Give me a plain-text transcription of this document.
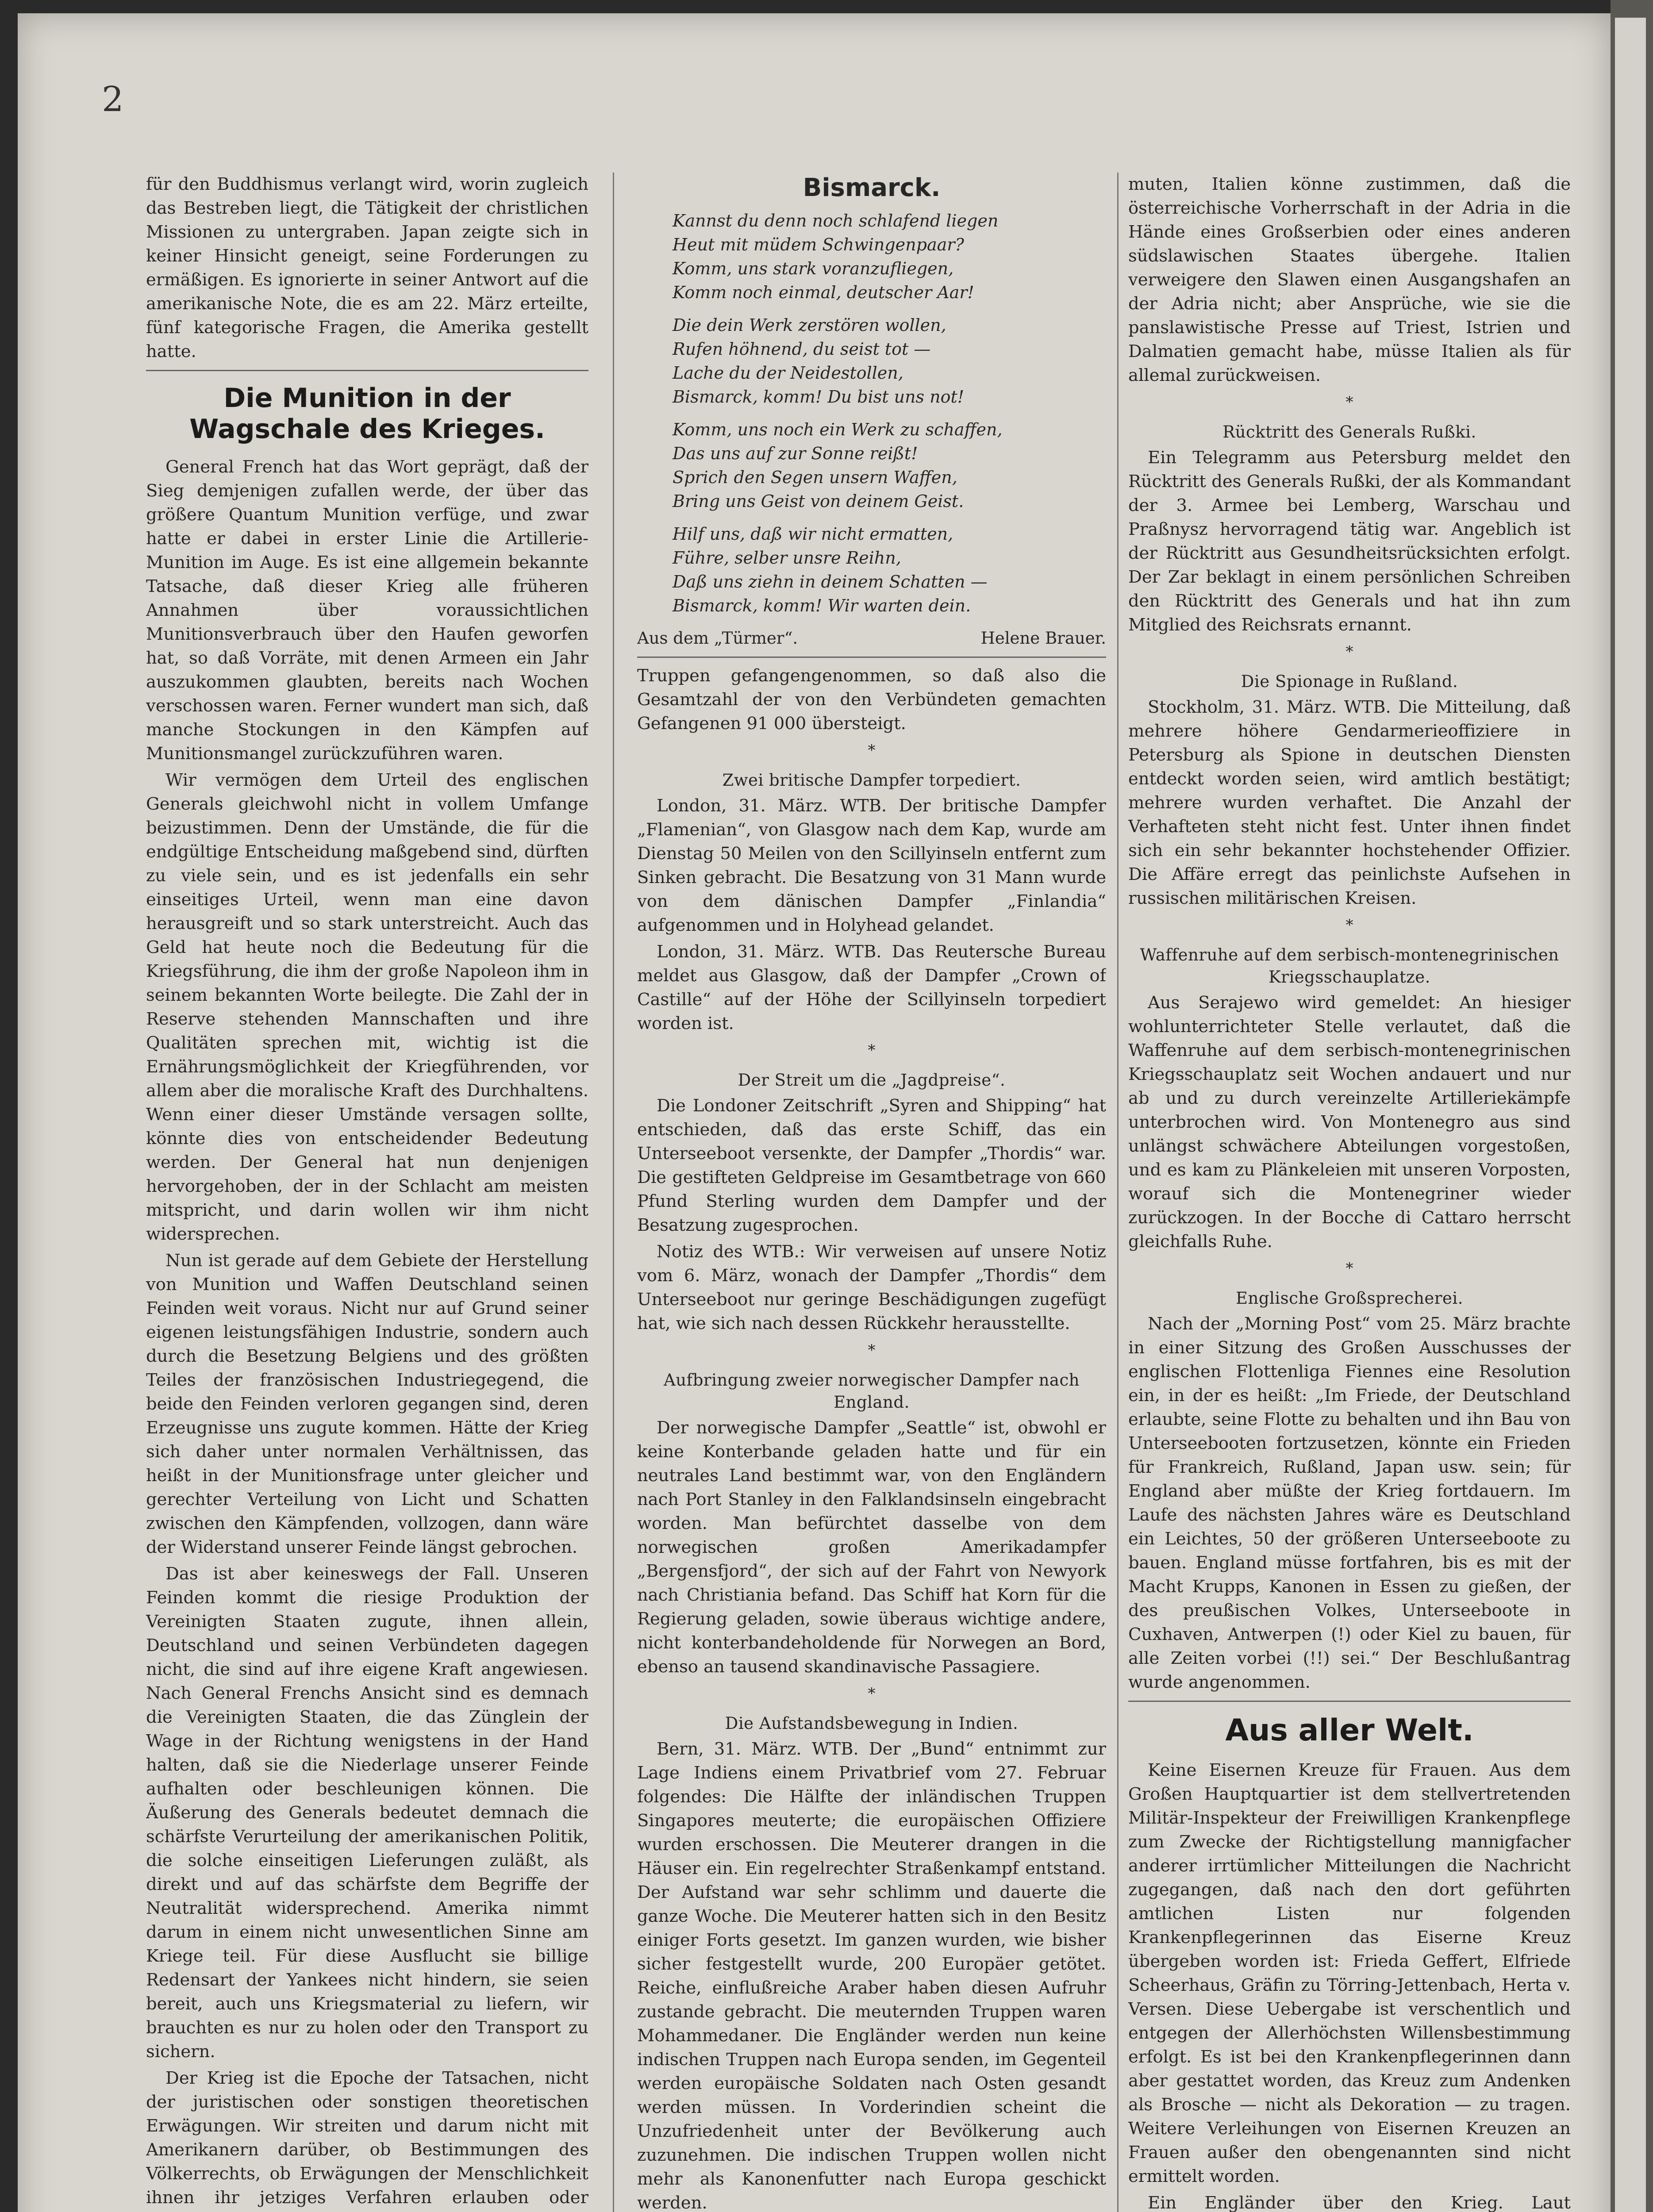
2

für den Buddhismus verlangt wird, worin zugleich das Bestreben liegt, die Tätigkeit der christlichen Missionen zu untergraben. Japan zeigte sich in keiner Hinsicht geneigt, seine Forderungen zu ermäßigen. Es ignorierte in seiner Antwort auf die amerikanische Note, die es am 22. März erteilte, fünf kategorische Fragen, die Amerika gestellt hatte.

Die Munition in der Wagschale des Krieges.

General French hat das Wort geprägt, daß der Sieg demjenigen zufallen werde, der über das größere Quantum Munition verfüge, und zwar hatte er dabei in erster Linie die Artillerie-Munition im Auge. Es ist eine allgemein bekannte Tatsache, daß dieser Krieg alle früheren Annahmen über voraussichtlichen Munitionsverbrauch über den Haufen geworfen hat, so daß Vorräte, mit denen Armeen ein Jahr auszukommen glaubten, bereits nach Wochen verschossen waren. Ferner wundert man sich, daß manche Stockungen in den Kämpfen auf Munitionsmangel zurückzuführen waren.

Wir vermögen dem Urteil des englischen Generals gleichwohl nicht in vollem Umfange beizustimmen. Denn der Umstände, die für die endgültige Entscheidung maßgebend sind, dürften zu viele sein, und es ist jedenfalls ein sehr einseitiges Urteil, wenn man eine davon herausgreift und so stark unterstreicht. Auch das Geld hat heute noch die Bedeutung für die Kriegsführung, die ihm der große Napoleon ihm in seinem bekannten Worte beilegte. Die Zahl der in Reserve stehenden Mannschaften und ihre Qualitäten sprechen mit, wichtig ist die Ernährungsmöglichkeit der Kriegführenden, vor allem aber die moralische Kraft des Durchhaltens. Wenn einer dieser Umstände versagen sollte, könnte dies von entscheidender Bedeutung werden. Der General hat nun denjenigen hervorgehoben, der in der Schlacht am meisten mitspricht, und darin wollen wir ihm nicht widersprechen.

Nun ist gerade auf dem Gebiete der Herstellung von Munition und Waffen Deutschland seinen Feinden weit voraus. Nicht nur auf Grund seiner eigenen leistungsfähigen Industrie, sondern auch durch die Besetzung Belgiens und des größten Teiles der französischen Industriegegend, die beide den Feinden verloren gegangen sind, deren Erzeugnisse uns zugute kommen. Hätte der Krieg sich daher unter normalen Verhältnissen, das heißt in der Munitionsfrage unter gleicher und gerechter Verteilung von Licht und Schatten zwischen den Kämpfenden, vollzogen, dann wäre der Widerstand unserer Feinde längst gebrochen.

Das ist aber keineswegs der Fall. Unseren Feinden kommt die riesige Produktion der Vereinigten Staaten zugute, ihnen allein, Deutschland und seinen Verbündeten dagegen nicht, die sind auf ihre eigene Kraft angewiesen. Nach General Frenchs Ansicht sind es demnach die Vereinigten Staaten, die das Zünglein der Wage in der Richtung wenigstens in der Hand halten, daß sie die Niederlage unserer Feinde aufhalten oder beschleunigen können. Die Äußerung des Generals bedeutet demnach die schärfste Verurteilung der amerikanischen Politik, die solche einseitigen Lieferungen zuläßt, als direkt und auf das schärfste dem Begriffe der Neutralität widersprechend. Amerika nimmt darum in einem nicht unwesentlichen Sinne am Kriege teil. Für diese Ausflucht sie billige Redensart der Yankees nicht hindern, sie seien bereit, auch uns Kriegsmaterial zu liefern, wir brauchten es nur zu holen oder den Transport zu sichern.

Der Krieg ist die Epoche der Tatsachen, nicht der juristischen oder sonstigen theoretischen Erwägungen. Wir streiten und darum nicht mit Amerikanern darüber, ob Bestimmungen des Völkerrechts, ob Erwägungen der Menschlichkeit ihnen ihr jetziges Verfahren erlauben oder

Bismarck.
Kannst du denn noch schlafend liegen
Heut mit müdem Schwingenpaar?
Komm, uns stark voranzufliegen,
Komm noch einmal, deutscher Aar!
Die dein Werk zerstören wollen,
Rufen höhnend, du seist tot —
Lache du der Neidestollen,
Bismarck, komm! Du bist uns not!
Komm, uns noch ein Werk zu schaffen,
Das uns auf zur Sonne reißt!
Sprich den Segen unsern Waffen,
Bring uns Geist von deinem Geist.
Hilf uns, daß wir nicht ermatten,
Führe, selber unsre Reihn,
Daß uns ziehn in deinem Schatten —
Bismarck, komm! Wir warten dein.
Aus dem „Türmer“.	Helene Brauer.

Truppen gefangengenommen, so daß also die Gesamtzahl der von den Verbündeten gemachten Gefangenen 91 000 übersteigt.

*
Zwei britische Dampfer torpediert.

London, 31. März. WTB. Der britische Dampfer „Flamenian“, von Glasgow nach dem Kap, wurde am Dienstag 50 Meilen von den Scillyinseln entfernt zum Sinken gebracht. Die Besatzung von 31 Mann wurde von dem dänischen Dampfer „Finlandia“ aufgenommen und in Holyhead gelandet.

London, 31. März. WTB. Das Reutersche Bureau meldet aus Glasgow, daß der Dampfer „Crown of Castille“ auf der Höhe der Scillyinseln torpediert worden ist.

*
Der Streit um die „Jagdpreise“.

Die Londoner Zeitschrift „Syren and Shipping“ hat entschieden, daß das erste Schiff, das ein Unterseeboot versenkte, der Dampfer „Thordis“ war. Die gestifteten Geldpreise im Gesamtbetrage von 660 Pfund Sterling wurden dem Dampfer und der Besatzung zugesprochen.

Notiz des WTB.: Wir verweisen auf unsere Notiz vom 6. März, wonach der Dampfer „Thordis“ dem Unterseeboot nur geringe Beschädigungen zugefügt hat, wie sich nach dessen Rückkehr herausstellte.

*
Aufbringung zweier norwegischer Dampfer nach England.

Der norwegische Dampfer „Seattle“ ist, obwohl er keine Konterbande geladen hatte und für ein neutrales Land bestimmt war, von den Engländern nach Port Stanley in den Falklandsinseln eingebracht worden. Man befürchtet dasselbe von dem norwegischen großen Amerikadampfer „Bergensfjord“, der sich auf der Fahrt von Newyork nach Christiania befand. Das Schiff hat Korn für die Regierung geladen, sowie überaus wichtige andere, nicht konterbandeholdende für Norwegen an Bord, ebenso an tausend skandinavische Passagiere.

*
Die Aufstandsbewegung in Indien.

Bern, 31. März. WTB. Der „Bund“ entnimmt zur Lage Indiens einem Privatbrief vom 27. Februar folgendes: Die Hälfte der inländischen Truppen Singapores meuterte; die europäischen Offiziere wurden erschossen. Die Meuterer drangen in die Häuser ein. Ein regelrechter Straßenkampf entstand. Der Aufstand war sehr schlimm und dauerte die ganze Woche. Die Meuterer hatten sich in den Besitz einiger Forts gesetzt. Im ganzen wurden, wie bisher sicher festgestellt wurde, 200 Europäer getötet. Reiche, einflußreiche Araber haben diesen Aufruhr zustande gebracht. Die meuternden Truppen waren Mohammedaner. Die Engländer werden nun keine indischen Truppen nach Europa senden, im Gegenteil werden europäische Soldaten nach Osten gesandt werden müssen. In Vorderindien scheint die Unzufriedenheit unter der Bevölkerung auch zuzunehmen. Die indischen Truppen wollen nicht mehr als Kanonenfutter nach Europa geschickt werden.

muten, Italien könne zustimmen, daß die österreichische Vorherrschaft in der Adria in die Hände eines Großserbien oder eines anderen südslawischen Staates übergehe. Italien verweigere den Slawen einen Ausgangshafen an der Adria nicht; aber Ansprüche, wie sie die panslawistische Presse auf Triest, Istrien und Dalmatien gemacht habe, müsse Italien als für allemal zurückweisen.

*
Rücktritt des Generals Rußki.

Ein Telegramm aus Petersburg meldet den Rücktritt des Generals Rußki, der als Kommandant der 3. Armee bei Lemberg, Warschau und Praßnysz hervorragend tätig war. Angeblich ist der Rücktritt aus Gesundheitsrücksichten erfolgt. Der Zar beklagt in einem persönlichen Schreiben den Rücktritt des Generals und hat ihn zum Mitglied des Reichsrats ernannt.

*
Die Spionage in Rußland.

Stockholm, 31. März. WTB. Die Mitteilung, daß mehrere höhere Gendarmerieoffiziere in Petersburg als Spione in deutschen Diensten entdeckt worden seien, wird amtlich bestätigt; mehrere wurden verhaftet. Die Anzahl der Verhafteten steht nicht fest. Unter ihnen findet sich ein sehr bekannter hochstehender Offizier. Die Affäre erregt das peinlichste Aufsehen in russischen militärischen Kreisen.

*
Waffenruhe auf dem serbisch-montenegrinischen Kriegsschauplatze.

Aus Serajewo wird gemeldet: An hiesiger wohlunterrichteter Stelle verlautet, daß die Waffenruhe auf dem serbisch-montenegrinischen Kriegsschauplatz seit Wochen andauert und nur ab und zu durch vereinzelte Artilleriekämpfe unterbrochen wird. Von Montenegro aus sind unlängst schwächere Abteilungen vorgestoßen, und es kam zu Plänkeleien mit unseren Vorposten, worauf sich die Montenegriner wieder zurückzogen. In der Bocche di Cattaro herrscht gleichfalls Ruhe.

*
Englische Großsprecherei.

Nach der „Morning Post“ vom 25. März brachte in einer Sitzung des Großen Ausschusses der englischen Flottenliga Fiennes eine Resolution ein, in der es heißt: „Im Friede, der Deutschland erlaubte, seine Flotte zu behalten und ihn Bau von Unterseebooten fortzusetzen, könnte ein Frieden für Frankreich, Rußland, Japan usw. sein; für England aber müßte der Krieg fortdauern. Im Laufe des nächsten Jahres wäre es Deutschland ein Leichtes, 50 der größeren Unterseeboote zu bauen. England müsse fortfahren, bis es mit der Macht Krupps, Kanonen in Essen zu gießen, der des preußischen Volkes, Unterseeboote in Cuxhaven, Antwerpen (!) oder Kiel zu bauen, für alle Zeiten vorbei (!!) sei.“ Der Beschlußantrag wurde angenommen.

Aus aller Welt.

Keine Eisernen Kreuze für Frauen. Aus dem Großen Hauptquartier ist dem stellvertretenden Militär-Inspekteur der Freiwilligen Krankenpflege zum Zwecke der Richtigstellung mannigfacher anderer irrtümlicher Mitteilungen die Nachricht zugegangen, daß nach den dort geführten amtlichen Listen nur folgenden Krankenpflegerinnen das Eiserne Kreuz übergeben worden ist: Frieda Geffert, Elfriede Scheerhaus, Gräfin zu Törring-Jettenbach, Herta v. Versen. Diese Uebergabe ist verschentlich und entgegen der Allerhöchsten Willensbestimmung erfolgt. Es ist bei den Krankenpflegerinnen dann aber gestattet worden, das Kreuz zum Andenken als Brosche — nicht als Dekoration — zu tragen. Weitere Verleihungen von Eisernen Kreuzen an Frauen außer den obengenannten sind nicht ermittelt worden.

Ein Engländer über den Krieg. Laut
